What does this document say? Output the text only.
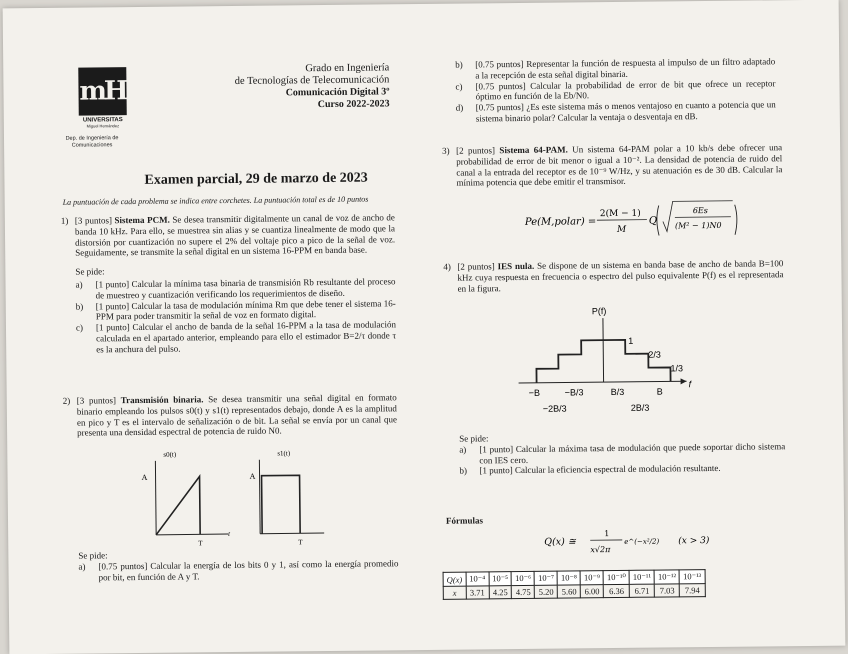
mH
UNIVERSITAS
Miguel Hernández
Dep. de Ingeniería de
Comunicaciones
Grado en Ingeniería
de Tecnologías de Telecomunicación
Comunicación Digital 3º
Curso 2022-2023
Examen parcial, 29 de marzo de 2023
La puntuación de cada problema se indica entre corchetes. La puntuación total es de 10 puntos
1) [3 puntos] Sistema PCM. Se desea transmitir digitalmente un canal de voz de ancho de banda 10 kHz. Para ello, se muestrea sin alias y se cuantiza linealmente de modo que la distorsión por cuantización no supere el 2% del voltaje pico a pico de la señal de voz. Seguidamente, se transmite la señal digital en un sistema 16-PPM en banda base.
Se pide:
a) [1 punto] Calcular la mínima tasa binaria de transmisión Rb resultante del proceso de muestreo y cuantización verificando los requerimientos de diseño.
b) [1 punto] Calcular la tasa de modulación mínima Rm que debe tener el sistema 16-PPM para poder transmitir la señal de voz en formato digital.
c) [1 punto] Calcular el ancho de banda de la señal 16-PPM a la tasa de modulación calculada en el apartado anterior, empleando para ello el estimador B=2/τ donde τ es la anchura del pulso.
2) [3 puntos] Transmisión binaria. Se desea transmitir una señal digital en formato binario empleando los pulsos s0(t) y s1(t) representados debajo, donde A es la amplitud en pico y T es el intervalo de señalización o de bit. La señal se envía por un canal que presenta una densidad espectral de potencia de ruido N0.
s0(t)
A
T
t
s1(t)
A
T
Se pide:
a) [0.75 puntos] Calcular la energía de los bits 0 y 1, así como la energía promedio por bit, en función de A y T.
b) [0.75 puntos] Representar la función de respuesta al impulso de un filtro adaptado a la recepción de esta señal digital binaria.
c) [0.75 puntos] Calcular la probabilidad de error de bit que ofrece un receptor óptimo en función de la Eb/N0.
d) [0.75 puntos] ¿Es este sistema más o menos ventajoso en cuanto a potencia que un sistema binario polar? Calcular la ventaja o desventaja en dB.
3) [2 puntos] Sistema 64-PAM. Un sistema 64-PAM polar a 10 kb/s debe ofrecer una probabilidad de error de bit menor o igual a 10⁻². La densidad de potencia de ruido del canal a la entrada del receptor es de 10⁻⁹ W/Hz, y su atenuación es de 30 dB. Calcular la mínima potencia que debe emitir el transmisor.
Pe(M,polar) =
2(M − 1)
M
Q
6Es
(M² − 1)N0
4) [2 puntos] IES nula. Se dispone de un sistema en banda base de ancho de banda B=100 kHz cuya respuesta en frecuencia o espectro del pulso equivalente P(f) es el representada en la figura.
P(f)
1
2/3
1/3
f
−B	−B/3	B/3	B
−2B/3	2B/3
Se pide:
a) [1 punto] Calcular la máxima tasa de modulación que puede soportar dicho sistema con IES cero.
b) [1 punto] Calcular la eficiencia espectral de modulación resultante.
Fórmulas
Q(x) ≅
1
x√2π
e^(−x²/2) (x > 3)
Q(x)	10⁻⁴	10⁻⁵	10⁻⁶	10⁻⁷	10⁻⁸	10⁻⁹	10⁻¹⁰	10⁻¹¹	10⁻¹²	10⁻¹³
x	3.71	4.25	4.75	5.20	5.60	6.00	6.36	6.71	7.03	7.94
